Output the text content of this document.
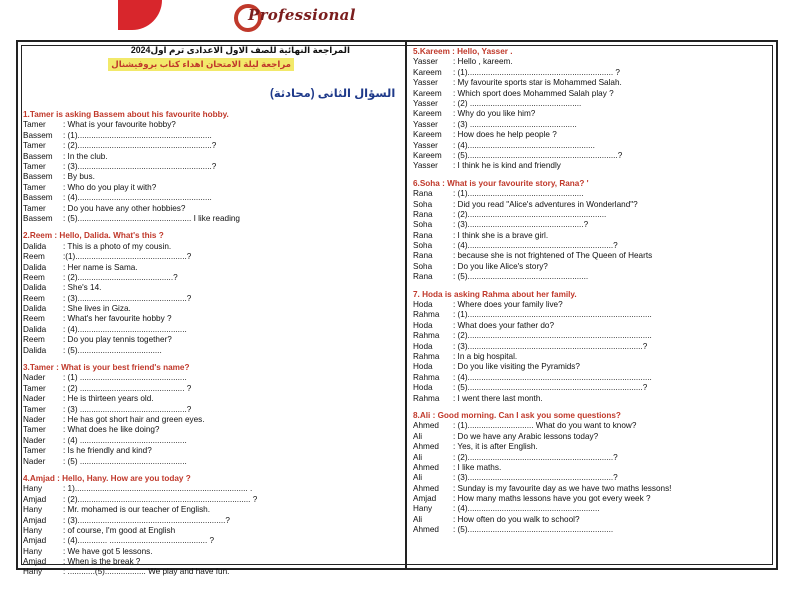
Professional
المراجعة النهائية للصف الاول الاعدادى ترم اول2024
مراجعة ليلة الامتحان اهداء كتاب بروفيشنال
السؤال الثانى (محادثة)
1.Tamer is asking Bassem about his favourite hobby.
Tamer : What is your favourite hobby?
Bassem : (1)...........................................................
Tamer : (2)...........................................................?
Bassem : In the club.
Tamer : (3)...........................................................?
Bassem : By bus.
Tamer : Who do you play it with?
Bassem : (4)...........................................................
Tamer : Do you have any other hobbies?
Bassem : (5).................................................. I like reading
2.Reem : Hello, Dalida. What's this ?
Dalida : This is a photo of my cousin.
Reem :(1).................................................?
Dalida : Her name is Sama.
Reem : (2)..........................................?
Dalida : She's 14.
Reem : (3)................................................?
Dalida : She lives in Giza.
Reem : What's her favourite hobby ?
Dalida : (4)................................................
Reem : Do you play tennis together?
Dalida : (5).....................................
3.Tamer : What is your best friend's name?
Nader : (1) ...............................................
Tamer : (2) .............................................. ?
Nader : He is thirteen years old.
Tamer : (3) ...............................................?
Nader : He has got short hair and green eyes.
Tamer : What does he like doing?
Nader : (4) ...............................................
Tamer : Is he friendly and kind?
Nader : (5) ...............................................
4.Amjad : Hello, Hany. How are you today ?
Hany	: 1)............................................................................ .
Amjad : (2)............................................................................ ?
Hany	: Mr. mohamed is our teacher of English.
Amjad : (3).................................................................?
Hany	: of course, I'm good at English
Amjad : (4)............. ........................................... ?
Hany	: We have got 5 lessons.
Amjad : When is the break ?
Hany	: ............(5).................. We play and have fun.
5.Kareem : Hello, Yasser .
Yasser : Hello , kareem.
Kareem : (1)................................................................ ?
Yasser : My favourite sports star is Mohammed Salah.
Kareem : Which sport does Mohammed Salah play ?
Yasser : (2) .................................................
Kareem : Why do you like him?
Yasser : (3) ...............................................
Kareem : How does he help people ?
Yasser : (4)........................................................
Kareem : (5)..................................................................?
Yasser : I think he is kind and friendly
6.Soha : What is your favourite story, Rana? '
Rana : (1)...................................................
Soha	: Did you read "Alice's adventures in Wonderland"?
Rana : (2).............................................................
Soha	: (3)...................................................?
Rana : I think she is a brave girl.
Soha	: (4)................................................................?
Rana : because she is not frightened of The Queen of Hearts
Soha	: Do you like Alice's story?
Rana : (5).....................................................
7. Hoda is asking Rahma about her family.
Hoda : Where does your family live?
Rahma : (1).................................................................................
Hoda : What does your father do?
Rahma : (2).................................................................................
Hoda : (3).............................................................................?
Rahma : In a big hospital.
Hoda : Do you like visiting the Pyramids?
Rahma : (4).................................................................................
Hoda : (5).............................................................................?
Rahma : I went there last month.
8.Ali : Good morning. Can I ask you some questions?
Ahmed : (1)............................. What do you want to know?
Ali	: Do we have any Arabic lessons today?
Ahmed : Yes, it is after English.
Ali	: (2)................................................................?
Ahmed : I like maths.
Ali	: (3)................................................................?
Ahmed : Sunday is my favourite day as we have two maths lessons!
Amjad : How many maths lessons have you got every week ?
Hany	: (4)..........................................................
Ali	: How often do you walk to school?
Ahmed : (5)................................................................
